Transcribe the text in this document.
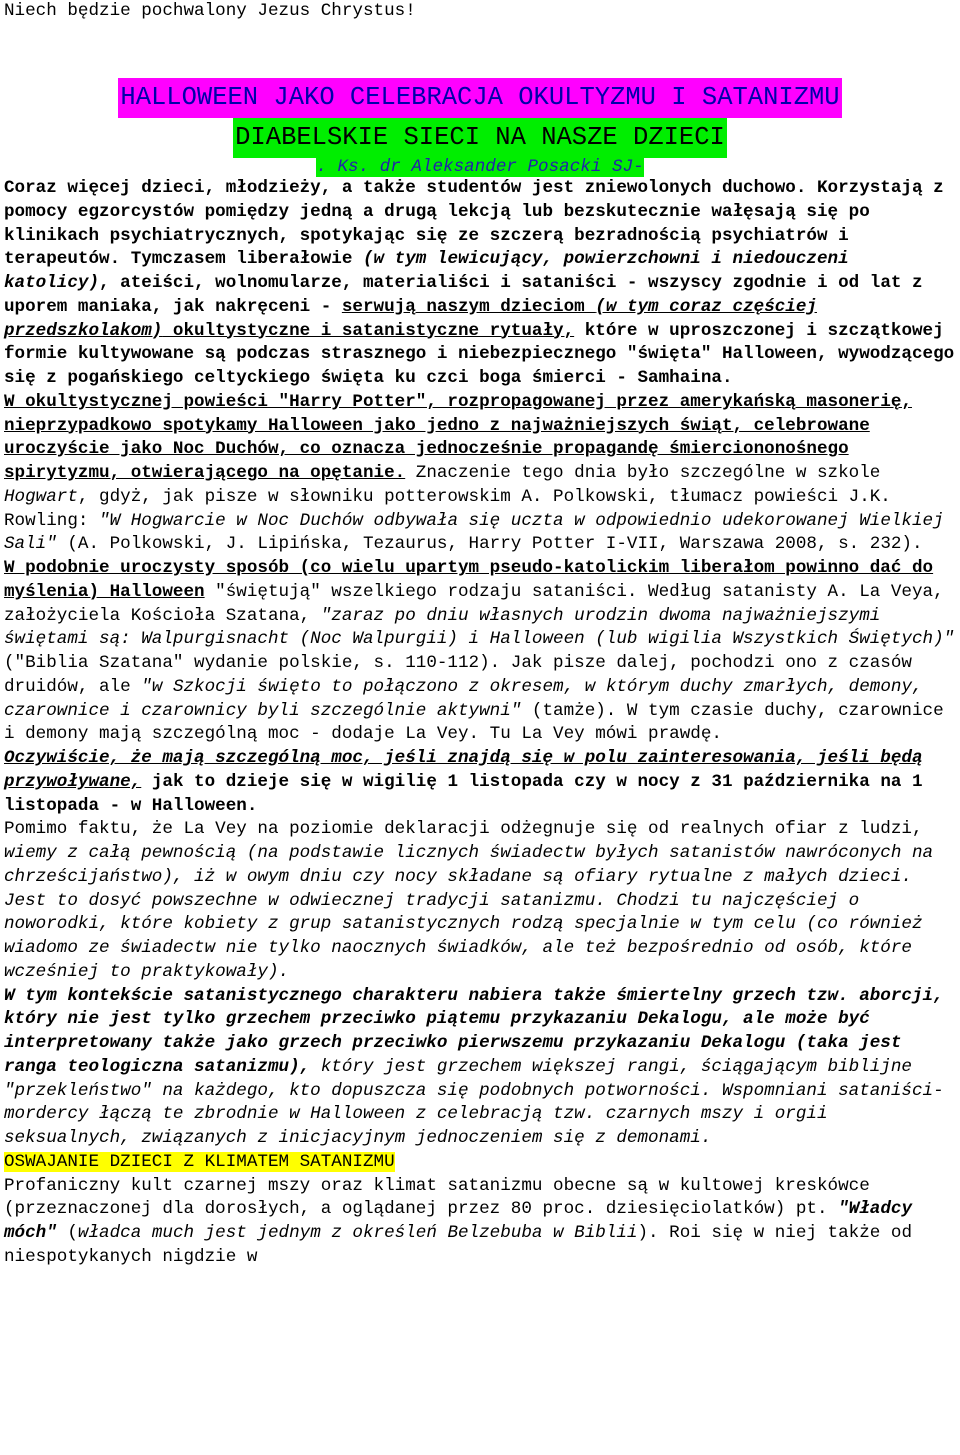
Niech będzie pochwalony Jezus Chrystus!

HALLOWEEN JAKO CELEBRACJA OKULTYZMU I SATANIZMU
DIABELSKIE SIECI NA NASZE DZIECI
. Ks. dr Aleksander Posacki SJ-

Coraz więcej dzieci, młodzieży, a także studentów jest zniewolonych duchowo. Korzystają z pomocy egzorcystów pomiędzy jedną a drugą lekcją lub bezskutecznie wałęsają się po klinikach psychiatrycznych, spotykając się ze szczerą bezradnością psychiatrów i terapeutów. Tymczasem liberałowie (w tym lewicujący, powierzchowni i niedouczeni katolicy), ateiści, wolnomularze, materialiści i sataniści - wszyscy zgodnie i od lat z uporem maniaka, jak nakręceni - serwują naszym dzieciom (w tym coraz częściej przedszkolakom) okultystyczne i satanistyczne rytuały, które w uproszczonej i szczątkowej formie kultywowane są podczas strasznego i niebezpiecznego "święta" Halloween, wywodzącego się z pogańskiego celtyckiego święta ku czci boga śmierci - Samhaina.

W okultystycznej powieści "Harry Potter", rozpropagowanej przez amerykańską masonerię, nieprzypadkowo spotykamy Halloween jako jedno z najważniejszych świąt, celebrowane uroczyście jako Noc Duchów, co oznacza jednocześnie propagandę śmierciononośnego spirytyzmu, otwierającego na opętanie. Znaczenie tego dnia było szczególne w szkole Hogwart, gdyż, jak pisze w słowniku potterowskim A. Polkowski, tłumacz powieści J.K. Rowling: "W Hogwarcie w Noc Duchów odbywała się uczta w odpowiednio udekorowanej Wielkiej Sali" (A. Polkowski, J. Lipińska, Tezaurus, Harry Potter I-VII, Warszawa 2008, s. 232).

W podobnie uroczysty sposób (co wielu upartym pseudo-katolickim liberałom powinno dać do myślenia) Halloween "świętują" wszelkiego rodzaju sataniści. Według satanisty A. La Veya, założyciela Kościoła Szatana, "zaraz po dniu własnych urodzin dwoma najważniejszymi świętami są: Walpurgisnacht (Noc Walpurgii) i Halloween (lub wigilia Wszystkich Świętych)" ("Biblia Szatana" wydanie polskie, s. 110-112). Jak pisze dalej, pochodzi ono z czasów druidów, ale "w Szkocji święto to połączono z okresem, w którym duchy zmarłych, demony, czarownice i czarownicy byli szczególnie aktywni" (tamże). W tym czasie duchy, czarownice i demony mają szczególną moc - dodaje La Vey. Tu La Vey mówi prawdę.

Oczywiście, że mają szczególną moc, jeśli znajdą się w polu zainteresowania, jeśli będą przywoływane, jak to dzieje się w wigilię 1 listopada czy w nocy z 31 października na 1 listopada - w Halloween.

Pomimo faktu, że La Vey na poziomie deklaracji odżegnuje się od realnych ofiar z ludzi, wiemy z całą pewnością (na podstawie licznych świadectw byłych satanistów nawróconych na chrześcijaństwo), iż w owym dniu czy nocy składane są ofiary rytualne z małych dzieci. Jest to dosyć powszechne w odwiecznej tradycji satanizmu. Chodzi tu najczęściej o noworodki, które kobiety z grup satanistycznych rodzą specjalnie w tym celu (co również wiadomo ze świadectw nie tylko naocznych świadków, ale też bezpośrednio od osób, które wcześniej to praktykowały).

W tym kontekście satanistycznego charakteru nabiera także śmiertelny grzech tzw. aborcji, który nie jest tylko grzechem przeciwko piątemu przykazaniu Dekalogu, ale może być interpretowany także jako grzech przeciwko pierwszemu przykazaniu Dekalogu (taka jest ranga teologiczna satanizmu), który jest grzechem większej rangi, ściągającym biblijne "przekleństwo" na każdego, kto dopuszcza się podobnych potworności. Wspomniani sataniści-mordercy łączą te zbrodnie w Halloween z celebracją tzw. czarnych mszy i orgii seksualnych, związanych z inicjacyjnym jednoczeniem się z demonami.

OSWAJANIE DZIECI Z KLIMATEM SATANIZMU

Profaniczny kult czarnej mszy oraz klimat satanizmu obecne są w kultowej kreskówce (przeznaczonej dla dorosłych, a oglądanej przez 80 proc. dziesięciolatków) pt. "Władcy móch" (władca much jest jednym z określeń Belzebuba w Biblii). Roi się w niej także od niespotykanych nigdzie w
